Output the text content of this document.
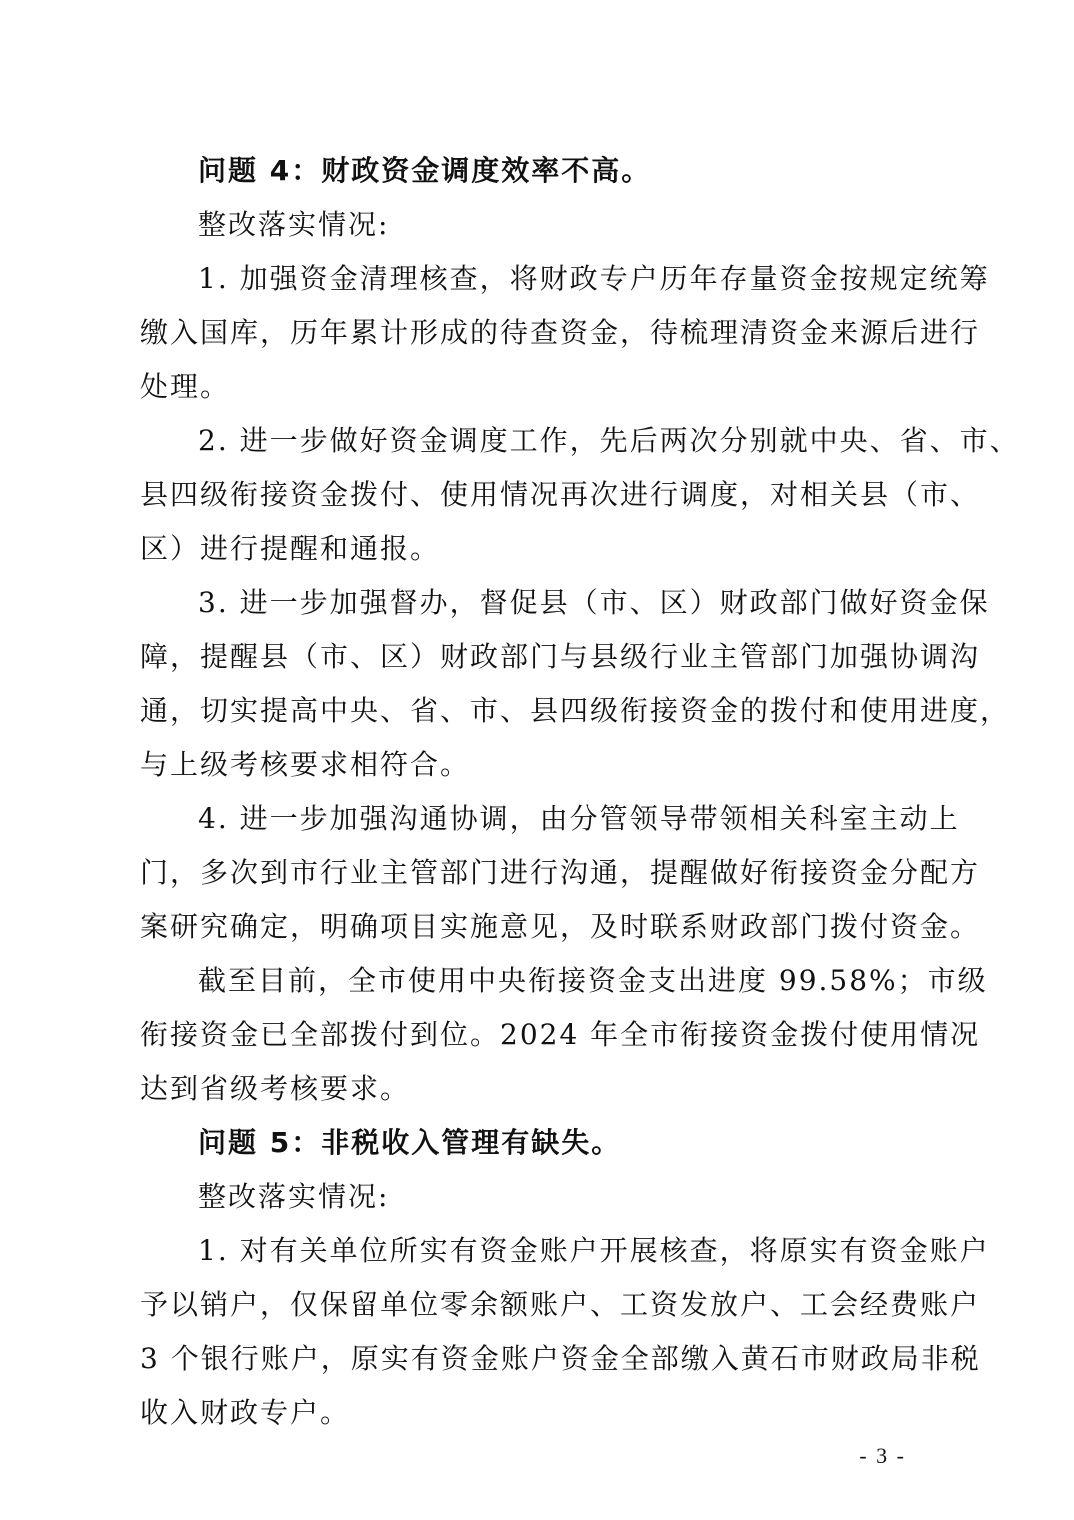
问题 4：财政资金调度效率不高。
整改落实情况:
1. 加强资金清理核查，将财政专户历年存量资金按规定统筹
缴入国库，历年累计形成的待查资金，待梳理清资金来源后进行
处理。
2. 进一步做好资金调度工作，先后两次分别就中央、省、市、
县四级衔接资金拨付、使用情况再次进行调度，对相关县（市、
区）进行提醒和通报。
3. 进一步加强督办，督促县（市、区）财政部门做好资金保
障，提醒县（市、区）财政部门与县级行业主管部门加强协调沟
通，切实提高中央、省、市、县四级衔接资金的拨付和使用进度，
与上级考核要求相符合。
4. 进一步加强沟通协调，由分管领导带领相关科室主动上
门，多次到市行业主管部门进行沟通，提醒做好衔接资金分配方
案研究确定，明确项目实施意见，及时联系财政部门拨付资金。
截至目前，全市使用中央衔接资金支出进度 99.58%；市级
衔接资金已全部拨付到位。2024 年全市衔接资金拨付使用情况
达到省级考核要求。
问题 5：非税收入管理有缺失。
整改落实情况:
1. 对有关单位所实有资金账户开展核查，将原实有资金账户
予以销户，仅保留单位零余额账户、工资发放户、工会经费账户
3 个银行账户，原实有资金账户资金全部缴入黄石市财政局非税
收入财政专户。
- 3 -
